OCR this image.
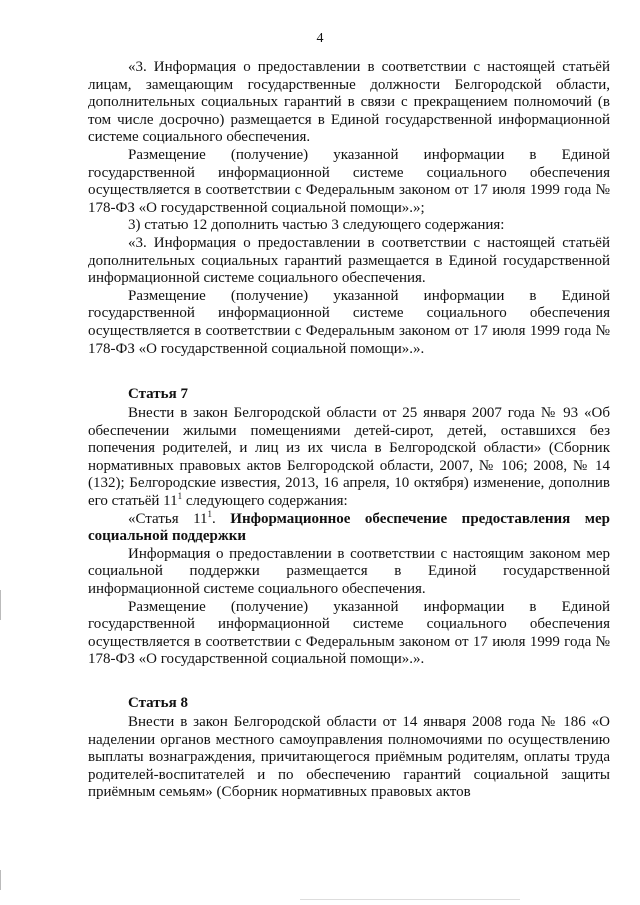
4

«3. Информация о предоставлении в соответствии с настоящей статьёй лицам, замещающим государственные должности Белгородской области, дополнительных социальных гарантий в связи с прекращением полномочий (в том числе досрочно) размещается в Единой государственной информационной системе социального обеспечения.

Размещение (получение) указанной информации в Единой государственной информационной системе социального обеспечения осуществляется в соответствии с Федеральным законом от 17 июля 1999 года № 178-ФЗ «О государственной социальной помощи».»;

3) статью 12 дополнить частью 3 следующего содержания:

«3. Информация о предоставлении в соответствии с настоящей статьёй дополнительных социальных гарантий размещается в Единой государственной информационной системе социального обеспечения.

Размещение (получение) указанной информации в Единой государственной информационной системе социального обеспечения осуществляется в соответствии с Федеральным законом от 17 июля 1999 года № 178-ФЗ «О государственной социальной помощи».».

Статья 7

Внести в закон Белгородской области от 25 января 2007 года № 93 «Об обеспечении жилыми помещениями детей-сирот, детей, оставшихся без попечения родителей, и лиц из их числа в Белгородской области» (Сборник нормативных правовых актов Белгородской области, 2007, № 106; 2008, № 14 (132); Белгородские известия, 2013, 16 апреля, 10 октября) изменение, дополнив его статьёй $11^1$ следующего содержания:

«Статья $11^1$. Информационное обеспечение предоставления мер социальной поддержки

Информация о предоставлении в соответствии с настоящим законом мер социальной поддержки размещается в Единой государственной информационной системе социального обеспечения.

Размещение (получение) указанной информации в Единой государственной информационной системе социального обеспечения осуществляется в соответствии с Федеральным законом от 17 июля 1999 года № 178-ФЗ «О государственной социальной помощи».».

Статья 8

Внести в закон Белгородской области от 14 января 2008 года № 186 «О наделении органов местного самоуправления полномочиями по осуществлению выплаты вознаграждения, причитающегося приёмным родителям, оплаты труда родителей-воспитателей и по обеспечению гарантий социальной защиты приёмным семьям» (Сборник нормативных правовых актов
